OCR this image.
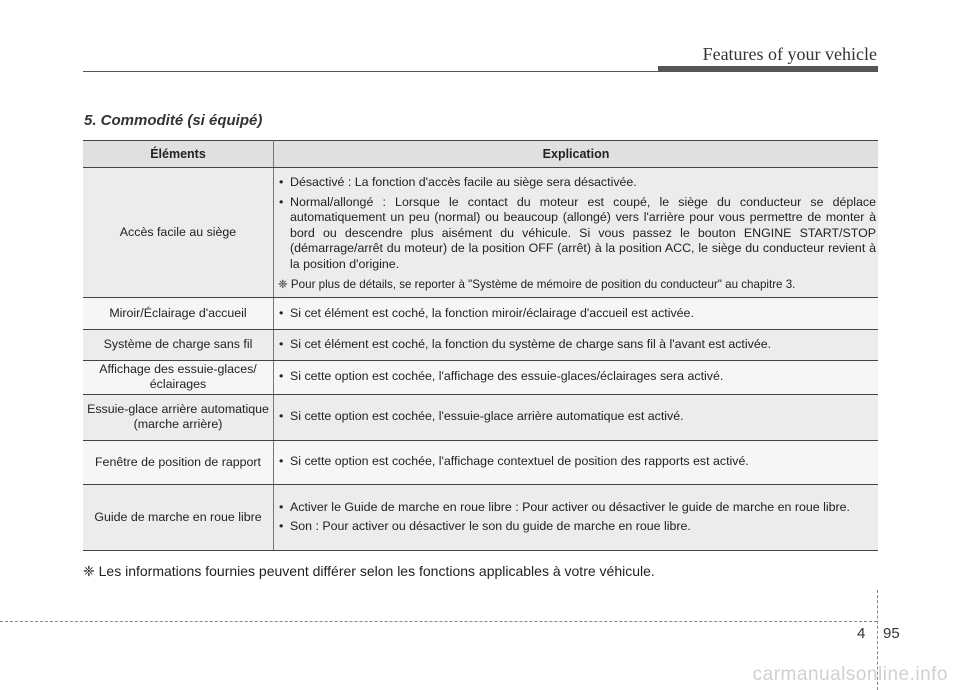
Features of your vehicle
5. Commodité (si équipé)
Éléments	Explication
Accès facile au siège	• Désactivé : La fonction d'accès facile au siège sera désactivée.
• Normal/allongé : Lorsque le contact du moteur est coupé, le siège du conducteur se déplace automatiquement un peu (normal) ou beaucoup (allongé) vers l'arrière pour vous permettre de monter à bord ou descendre plus aisément du véhicule. Si vous passez le bouton ENGINE START/STOP (démarrage/arrêt du moteur) de la position OFF (arrêt) à la position ACC, le siège du conducteur revient à la position d'origine.
❈ Pour plus de détails, se reporter à "Système de mémoire de position du conducteur" au chapitre 3.

Miroir/Éclairage d'accueil	• Si cet élément est coché, la fonction miroir/éclairage d'accueil est activée.

Système de charge sans fil	• Si cet élément est coché, la fonction du système de charge sans fil à l'avant est activée.

Affichage des essuie-glaces/éclairages	• Si cette option est cochée, l'affichage des essuie-glaces/éclairages sera activé.

Essuie-glace arrière automatique (marche arrière)	• Si cette option est cochée, l'essuie-glace arrière automatique est activé.

Fenêtre de position de rapport	• Si cette option est cochée, l'affichage contextuel de position des rapports est activé.

Guide de marche en roue libre	• Activer le Guide de marche en roue libre : Pour activer ou désactiver le guide de marche en roue libre.
• Son : Pour activer ou désactiver le son du guide de marche en roue libre.
❈ Les informations fournies peuvent différer selon les fonctions applicables à votre véhicule.
4 95
carmanualsonline.info
